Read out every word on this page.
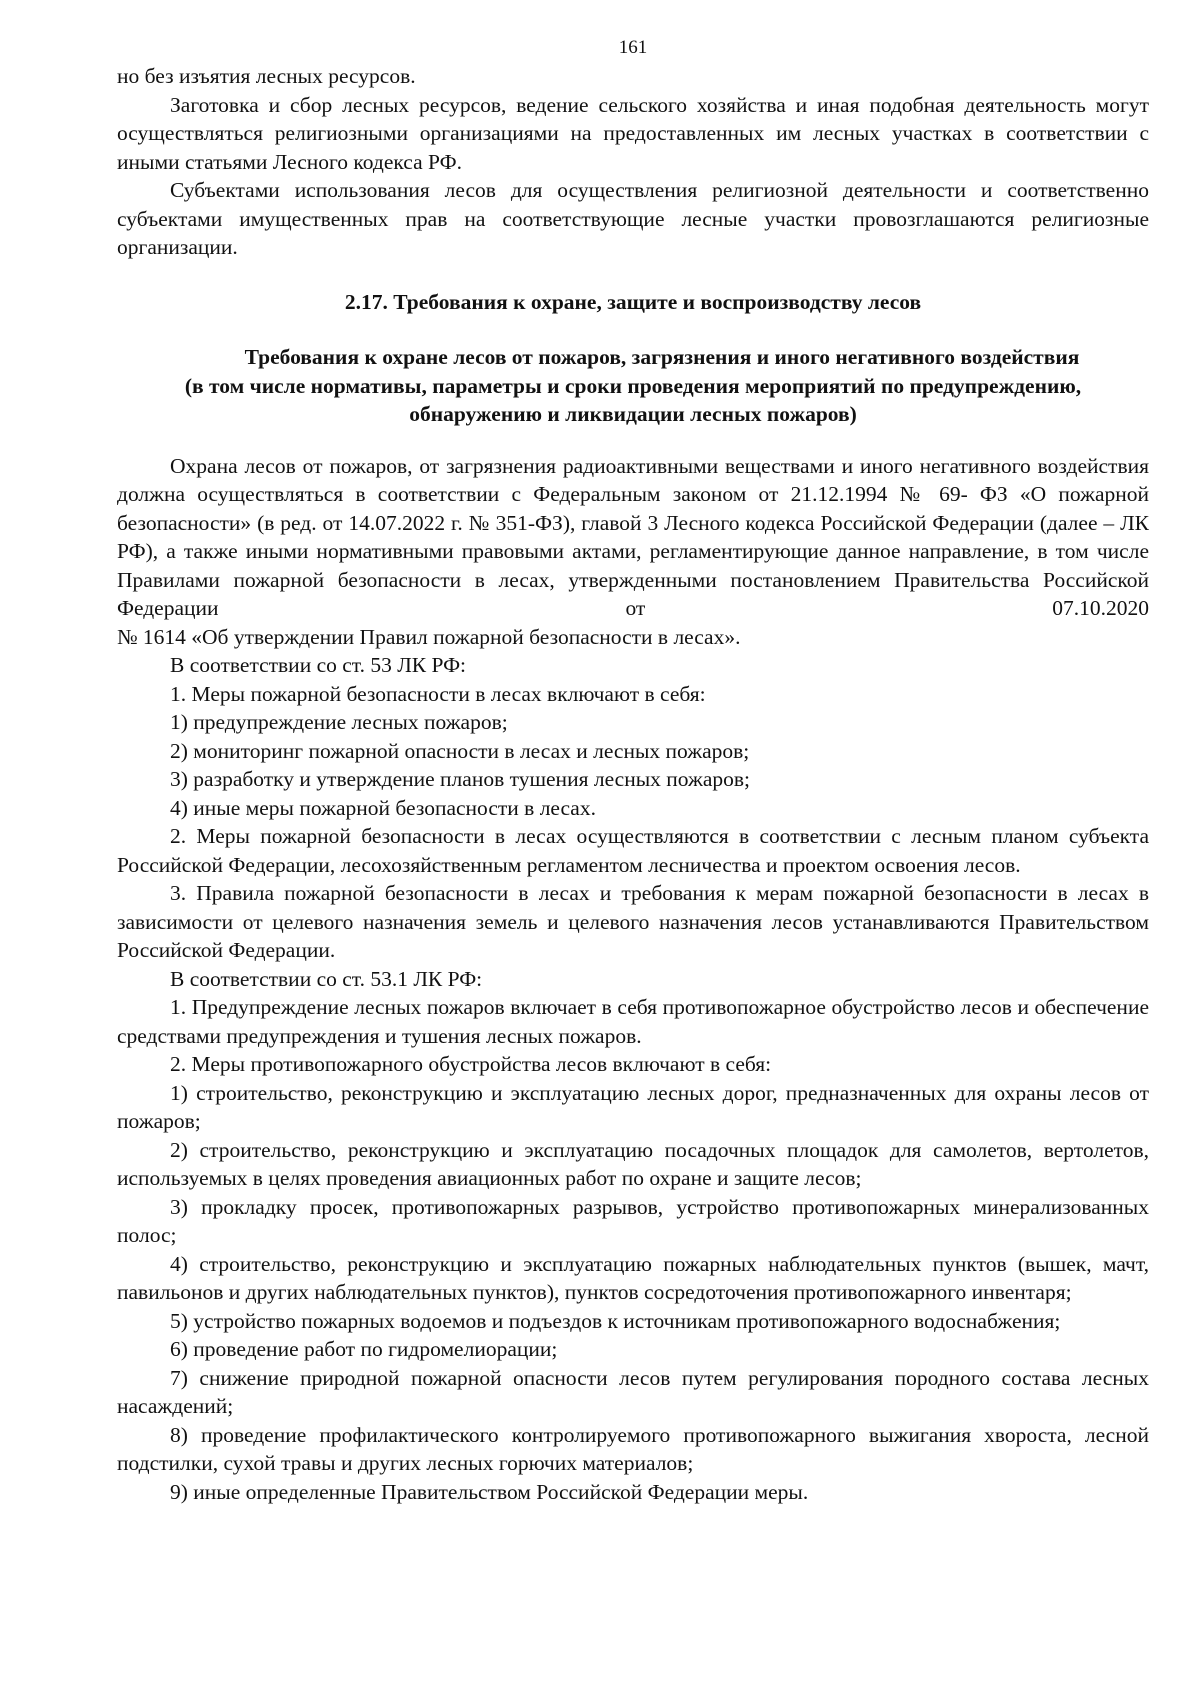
161

но без изъятия лесных ресурсов.

Заготовка и сбор лесных ресурсов, ведение сельского хозяйства и иная подобная деятельность могут осуществляться религиозными организациями на предоставленных им лесных участках в соответствии с иными статьями Лесного кодекса РФ.

Субъектами использования лесов для осуществления религиозной деятельности и соответственно субъектами имущественных прав на соответствующие лесные участки провозглашаются религиозные организации.

2.17. Требования к охране, защите и воспроизводству лесов
Требования к охране лесов от пожаров, загрязнения и иного негативного воздействия
(в том числе нормативы, параметры и сроки проведения мероприятий по предупреждению,
обнаружению и ликвидации лесных пожаров)

Охрана лесов от пожаров, от загрязнения радиоактивными веществами и иного негативного воздействия должна осуществляться в соответствии с Федеральным законом от 21.12.1994 № 69- ФЗ «О пожарной безопасности» (в ред. от 14.07.2022 г. № 351-ФЗ), главой 3 Лесного кодекса Российской Федерации (далее – ЛК РФ), а также иными нормативными правовыми актами, регламентирующие данное направление, в том числе Правилами пожарной безопасности в лесах, утвержденными постановлением Правительства Российской Федерации от 07.10.2020

№ 1614 «Об утверждении Правил пожарной безопасности в лесах».

В соответствии со ст. 53 ЛК РФ:

1. Меры пожарной безопасности в лесах включают в себя:

1) предупреждение лесных пожаров;

2) мониторинг пожарной опасности в лесах и лесных пожаров;

3) разработку и утверждение планов тушения лесных пожаров;

4) иные меры пожарной безопасности в лесах.

2. Меры пожарной безопасности в лесах осуществляются в соответствии с лесным планом субъекта Российской Федерации, лесохозяйственным регламентом лесничества и проектом освоения лесов.

3. Правила пожарной безопасности в лесах и требования к мерам пожарной безопасности в лесах в зависимости от целевого назначения земель и целевого назначения лесов устанавливаются Правительством Российской Федерации.

В соответствии со ст. 53.1 ЛК РФ:

1. Предупреждение лесных пожаров включает в себя противопожарное обустройство лесов и обеспечение средствами предупреждения и тушения лесных пожаров.

2. Меры противопожарного обустройства лесов включают в себя:

1) строительство, реконструкцию и эксплуатацию лесных дорог, предназначенных для охраны лесов от пожаров;

2) строительство, реконструкцию и эксплуатацию посадочных площадок для самолетов, вертолетов, используемых в целях проведения авиационных работ по охране и защите лесов;

3) прокладку просек, противопожарных разрывов, устройство противопожарных минерализованных полос;

4) строительство, реконструкцию и эксплуатацию пожарных наблюдательных пунктов (вышек, мачт, павильонов и других наблюдательных пунктов), пунктов сосредоточения противопожарного инвентаря;

5) устройство пожарных водоемов и подъездов к источникам противопожарного водоснабжения;

6) проведение работ по гидромелиорации;

7) снижение природной пожарной опасности лесов путем регулирования породного состава лесных насаждений;

8) проведение профилактического контролируемого противопожарного выжигания хвороста, лесной подстилки, сухой травы и других лесных горючих материалов;

9) иные определенные Правительством Российской Федерации меры.
